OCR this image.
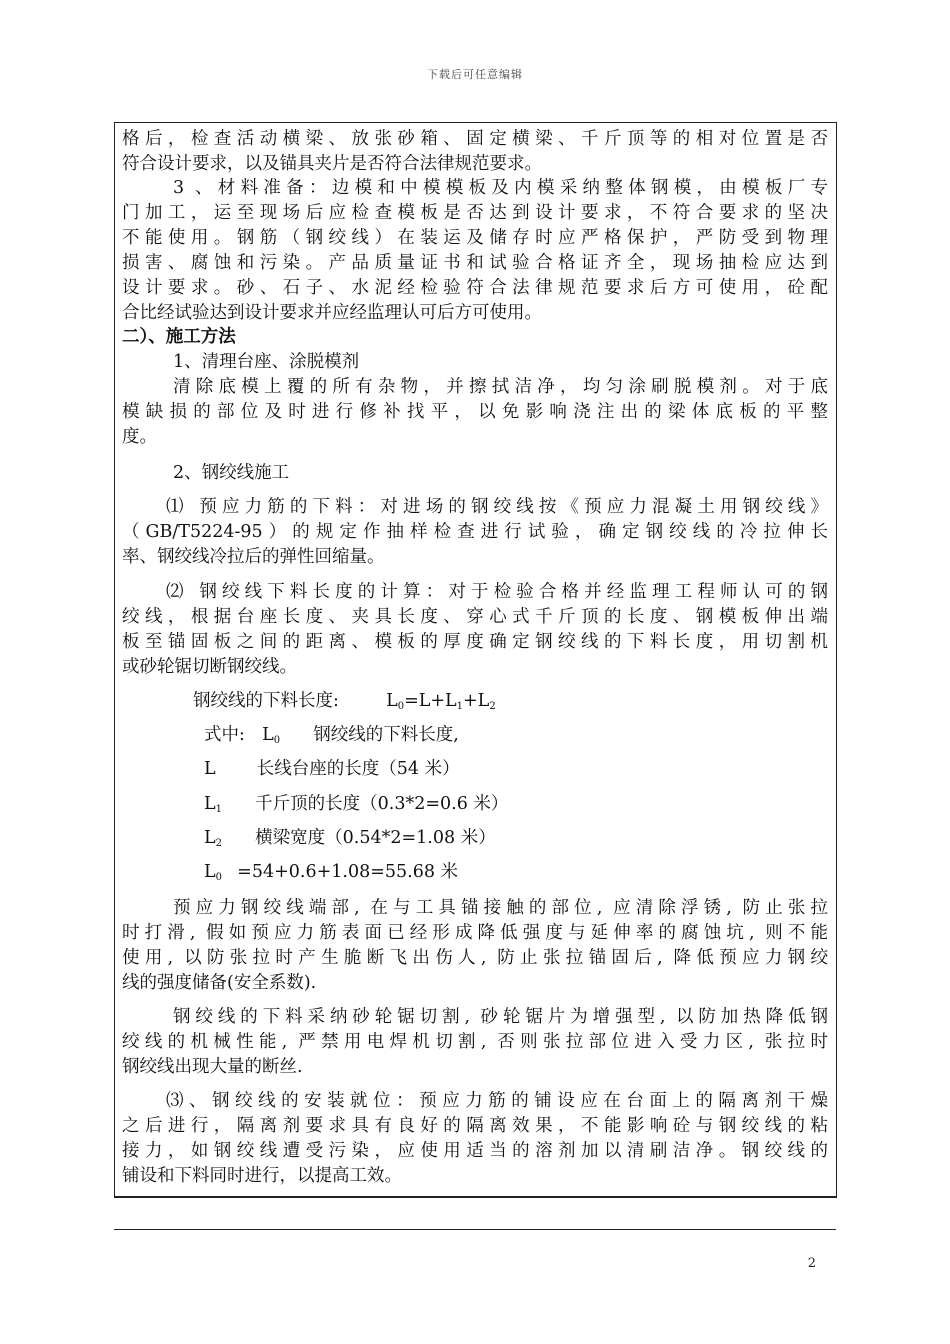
下载后可任意编辑
格后，检查活动横梁、放张砂箱、固定横梁、千斤顶等的相对位置是否
符合设计要求，以及锚具夹片是否符合法律规范要求。
3 、材料准备：边模和中模模板及内模采纳整体钢模，由模板厂专
门加工，运至现场后应检查模板是否达到设计要求，不符合要求的坚决
不能使用。钢筋（钢绞线）在装运及储存时应严格保护，严防受到物理
损害、腐蚀和污染。产品质量证书和试验合格证齐全，现场抽检应达到
设计要求。砂、石子、水泥经检验符合法律规范要求后方可使用，砼配
合比经试验达到设计要求并应经监理认可后方可使用。
二）、施工方法
1、清理台座、涂脱模剂
清除底模上覆的所有杂物，并擦拭洁净，均匀涂刷脱模剂。对于底
模缺损的部位及时进行修补找平，以免影响浇注出的梁体底板的平整
度。
2、钢绞线施工
⑴ 预应力筋的下料：对进场的钢绞线按《预应力混凝土用钢绞线》
（GB/T5224-95）的规定作抽样检查进行试验，确定钢绞线的冷拉伸长
率、钢绞线冷拉后的弹性回缩量。
⑵ 钢绞线下料长度的计算：对于检验合格并经监理工程师认可的钢
绞线，根据台座长度、夹具长度、穿心式千斤顶的长度、钢模板伸出端
板至锚固板之间的距离、模板的厚度确定钢绞线的下料长度，用切割机
或砂轮锯切断钢绞线。
钢绞线的下料长度:	$L_0=L+L_1+L_2$
式中: $L_0$ 钢绞线的下料长度,
L 长线台座的长度（54 米）
$L_1$ 千斤顶的长度（0.3*2=0.6 米）
$L_2$ 横梁宽度（0.54*2=1.08 米）
$L_0 =54+0.6+1.08=55.68$ 米
预应力钢绞线端部, 在与工具锚接触的部位, 应清除浮锈, 防止张拉
时打滑, 假如预应力筋表面已经形成降低强度与延伸率的腐蚀坑, 则不能
使用, 以防张拉时产生脆断飞出伤人, 防止张拉锚固后, 降低预应力钢绞
线的强度储备(安全系数).
钢绞线的下料采纳砂轮锯切割, 砂轮锯片为增强型, 以防加热降低钢
绞线的机械性能, 严禁用电焊机切割, 否则张拉部位进入受力区, 张拉时
钢绞线出现大量的断丝.
⑶、钢绞线的安装就位：预应力筋的铺设应在台面上的隔离剂干燥
之后进行，隔离剂要求具有良好的隔离效果，不能影响砼与钢绞线的粘
接力，如钢绞线遭受污染，应使用适当的溶剂加以清刷洁净。钢绞线的
铺设和下料同时进行，以提高工效。
2
